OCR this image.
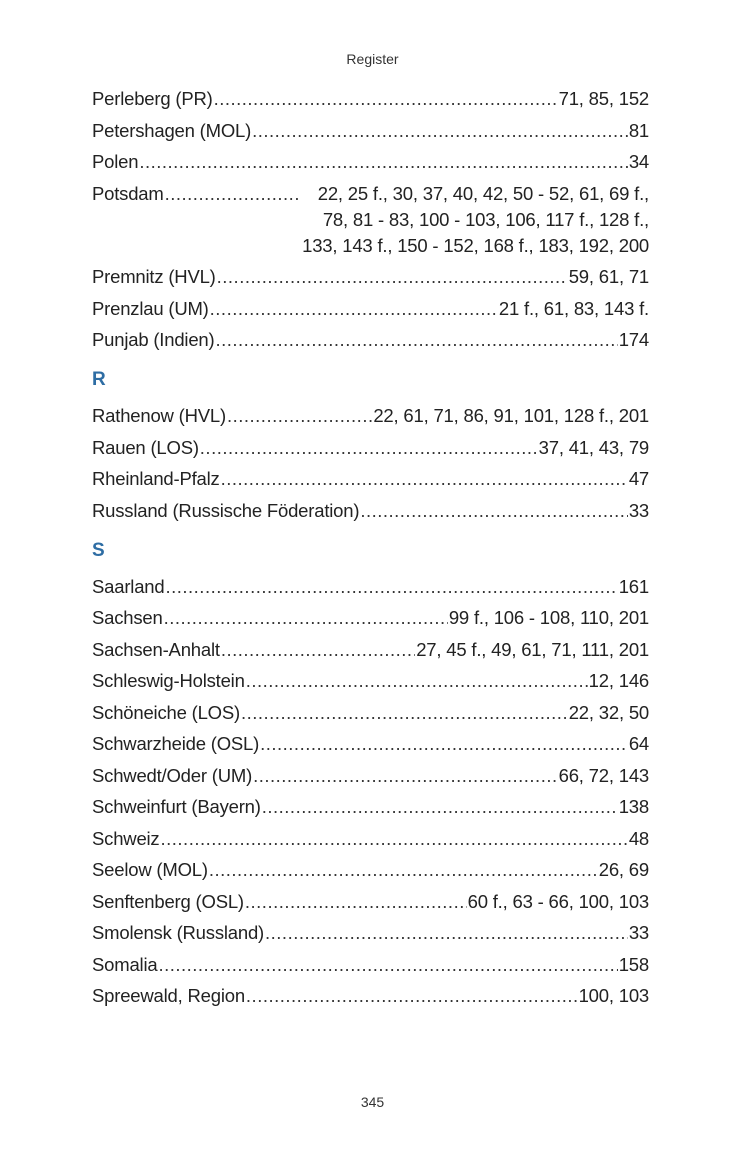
Register
Perleberg (PR) .....	71, 85, 152
Petershagen (MOL) .....	81
Polen .....	34
Potsdam .....	22, 25 f., 30, 37, 40, 42, 50 - 52, 61, 69 f.,
78, 81 - 83, 100 - 103, 106, 117 f., 128 f.,
133, 143 f., 150 - 152, 168 f., 183, 192, 200
Premnitz (HVL) .....	59, 61, 71
Prenzlau (UM) .....	21 f., 61, 83, 143 f.
Punjab (Indien) .....	174
R
Rathenow (HVL) .....	22, 61, 71, 86, 91, 101, 128 f., 201
Rauen (LOS) .....	37, 41, 43, 79
Rheinland-Pfalz .....	47
Russland (Russische Föderation) .....	33
S
Saarland .....	161
Sachsen .....	99 f., 106 - 108, 110, 201
Sachsen-Anhalt .....	27, 45 f., 49, 61, 71, 111, 201
Schleswig-Holstein .....	12, 146
Schöneiche (LOS) .....	22, 32, 50
Schwarzheide (OSL) .....	64
Schwedt/Oder (UM) .....	66, 72, 143
Schweinfurt (Bayern) .....	138
Schweiz .....	48
Seelow (MOL) .....	26, 69
Senftenberg (OSL) .....	60 f., 63 - 66, 100, 103
Smolensk (Russland) .....	33
Somalia .....	158
Spreewald, Region .....	100, 103
345
